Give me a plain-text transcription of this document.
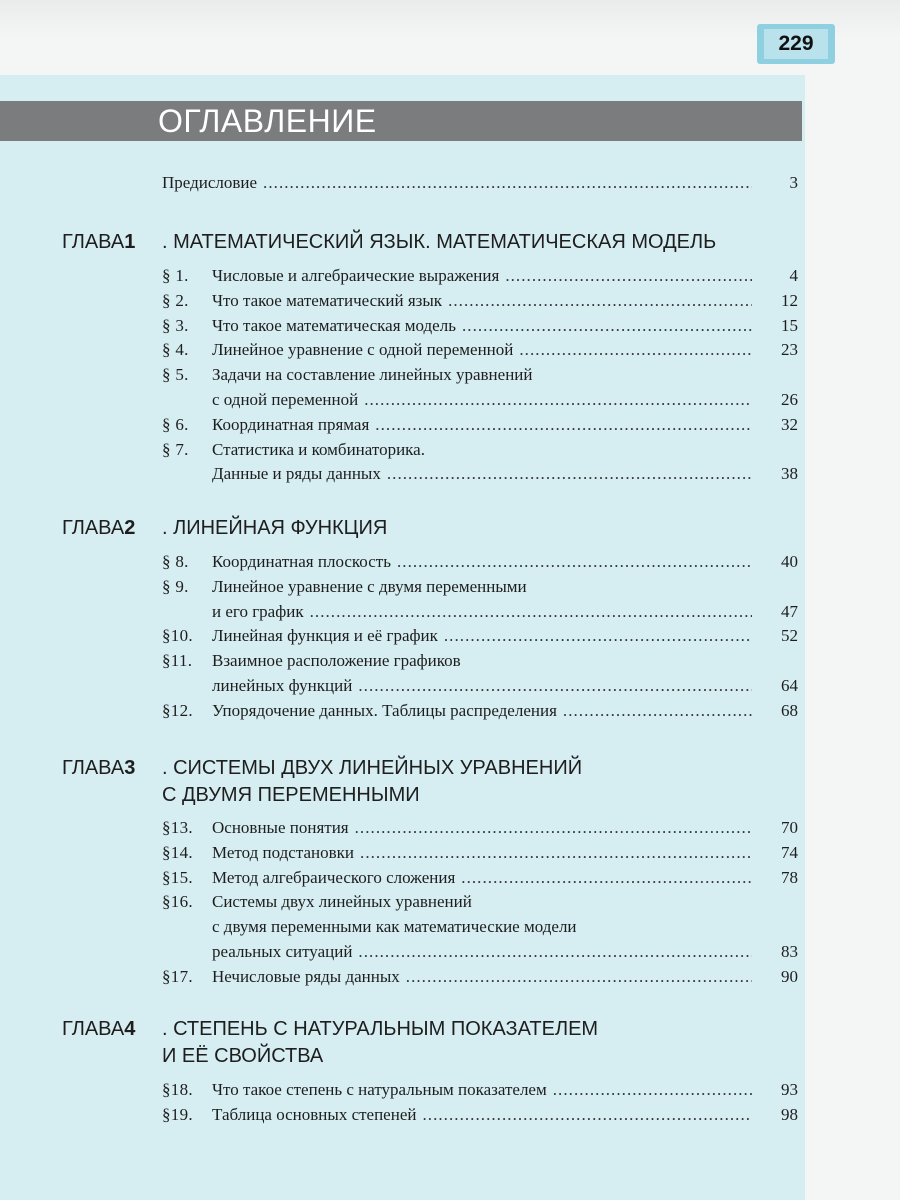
229
ОГЛАВЛЕНИЕ
Предисловие . . .	3
ГЛАВА1 . МАТЕМАТИЧЕСКИЙ ЯЗЫК. МАТЕМАТИЧЕСКАЯ МОДЕЛЬ
§ 1.	Числовые и алгебраические выражения . . .	4
§ 2.	Что такое математический язык . . .	12
§ 3.	Что такое математическая модель . . .	15
§ 4.	Линейное уравнение с одной переменной . . .	23
§ 5.	Задачи на составление линейных уравнений
с одной переменной . . .	26
§ 6.	Координатная прямая . . .	32
§ 7.	Статистика и комбинаторика.
Данные и ряды данных . . .	38
ГЛАВА2 . ЛИНЕЙНАЯ ФУНКЦИЯ
§ 8.	Координатная плоскость . . .	40
§ 9.	Линейное уравнение с двумя переменными
и его график . . .	47
§10.	Линейная функция и её график . . .	52
§11.	Взаимное расположение графиков
линейных функций . . .	64
§12.	Упорядочение данных. Таблицы распределения . . .	68
ГЛАВА3 . СИСТЕМЫ ДВУХ ЛИНЕЙНЫХ УРАВНЕНИЙ
С ДВУМЯ ПЕРЕМЕННЫМИ
§13.	Основные понятия . . .	70
§14.	Метод подстановки . . .	74
§15.	Метод алгебраического сложения . . .	78
§16.	Системы двух линейных уравнений
с двумя переменными как математические модели
реальных ситуаций . . .	83
§17.	Нечисловые ряды данных . . .	90
ГЛАВА4 . СТЕПЕНЬ С НАТУРАЛЬНЫМ ПОКАЗАТЕЛЕМ
И ЕЁ СВОЙСТВА
§18.	Что такое степень с натуральным показателем . . .	93
§19.	Таблица основных степеней . . .	98
